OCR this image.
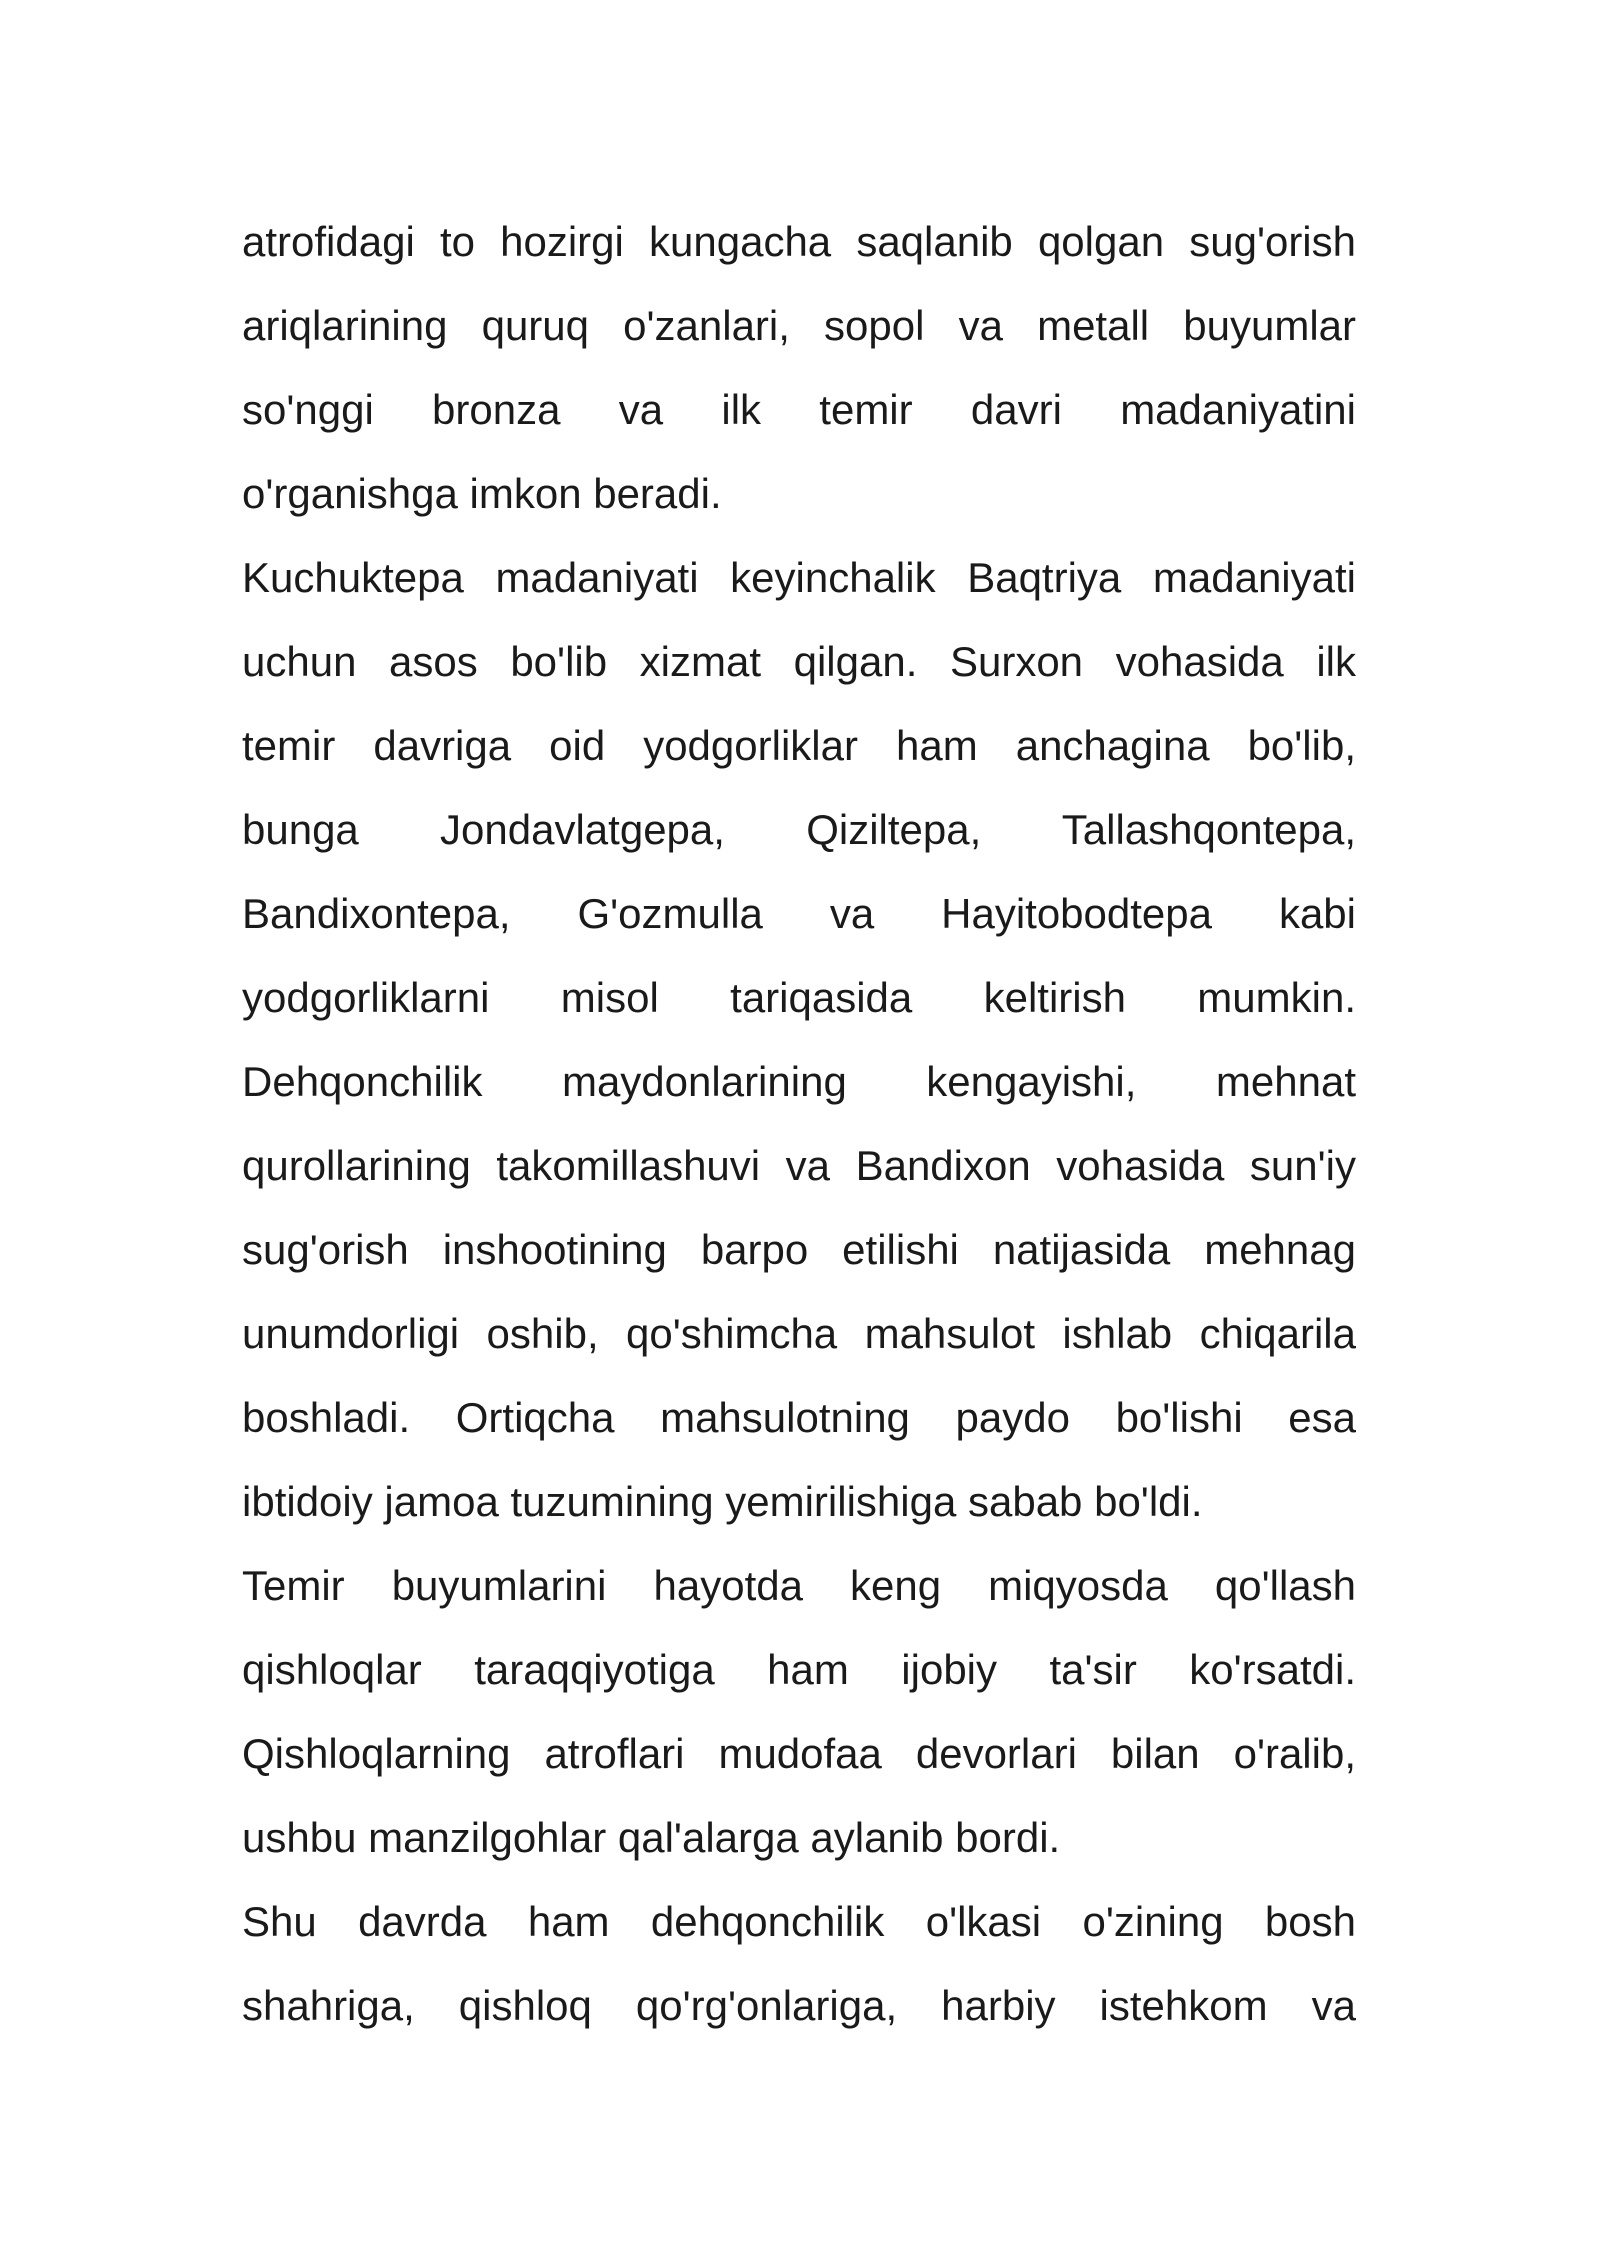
atrofidagi to hozirgi kungacha saqlanib qolgan sug'orish
ariqlarining quruq o'zanlari, sopol va metall buyumlar
so'nggi bronza va ilk temir davri madaniyatini
o'rganishga imkon beradi.
Kuchuktepa madaniyati keyinchalik Baqtriya madaniyati
uchun asos bo'lib xizmat qilgan. Surxon vohasida ilk
temir davriga oid yodgorliklar ham anchagina bo'lib,
bunga Jondavlatgepa, Qiziltepa, Tallashqontepa,
Bandixontepa, G'ozmulla va Hayitobodtepa kabi
yodgorliklarni misol tariqasida keltirish mumkin.
Dehqonchilik maydonlarining kengayishi, mehnat
qurollarining takomillashuvi va Bandixon vohasida sun'iy
sug'orish inshootining barpo etilishi natijasida mehnag
unumdorligi oshib, qo'shimcha mahsulot ishlab chiqarila
boshladi. Ortiqcha mahsulotning paydo bo'lishi esa
ibtidoiy jamoa tuzumining yemirilishiga sabab bo'ldi.
Temir buyumlarini hayotda keng miqyosda qo'llash
qishloqlar taraqqiyotiga ham ijobiy ta'sir ko'rsatdi.
Qishloqlarning atroflari mudofaa devorlari bilan o'ralib,
ushbu manzilgohlar qal'alarga aylanib bordi.
Shu davrda ham dehqonchilik o'lkasi o'zining bosh
shahriga, qishloq qo'rg'onlariga, harbiy istehkom va
